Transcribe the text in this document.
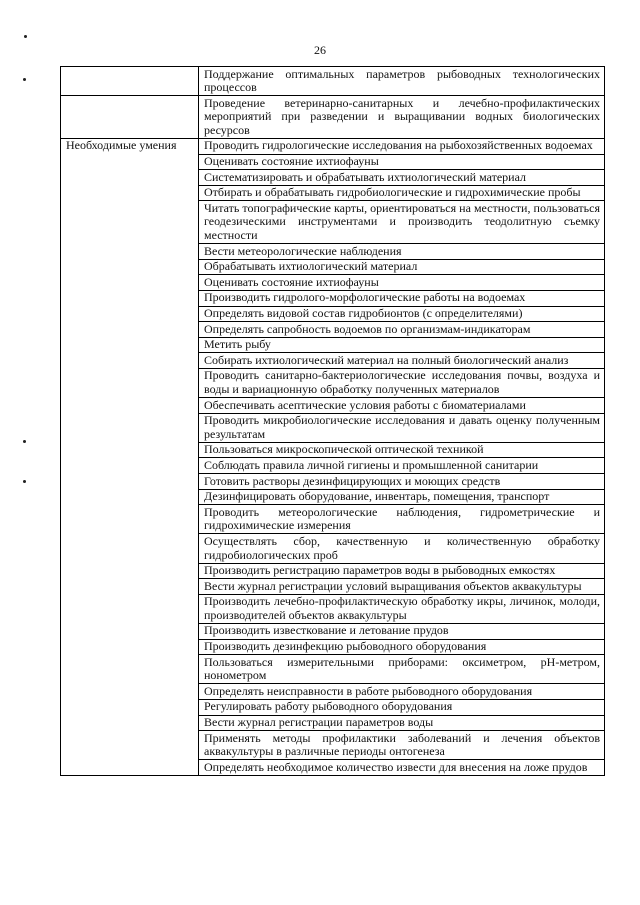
26
	Поддержание оптимальных параметров рыбоводных технологических процессов
	Проведение ветеринарно-санитарных и лечебно-профилактических мероприятий при разведении и выращивании водных биологических ресурсов
Необходимые умения	Проводить гидрологические исследования на рыбохозяйственных водоемах
	Оценивать состояние ихтиофауны
	Систематизировать и обрабатывать ихтиологический материал
	Отбирать и обрабатывать гидробиологические и гидрохимические пробы
	Читать топографические карты, ориентироваться на местности, пользоваться геодезическими инструментами и производить теодолитную съемку местности
	Вести метеорологические наблюдения
	Обрабатывать ихтиологический материал
	Оценивать состояние ихтиофауны
	Производить гидролого-морфологические работы на водоемах
	Определять видовой состав гидробионтов (с определителями)
	Определять сапробность водоемов по организмам-индикаторам
	Метить рыбу
	Собирать ихтиологический материал на полный биологический анализ
	Проводить санитарно-бактериологические исследования почвы, воздуха и воды и вариационную обработку полученных материалов
	Обеспечивать асептические условия работы с биоматериалами
	Проводить микробиологические исследования и давать оценку полученным результатам
	Пользоваться микроскопической оптической техникой
	Соблюдать правила личной гигиены и промышленной санитарии
	Готовить растворы дезинфицирующих и моющих средств
	Дезинфицировать оборудование, инвентарь, помещения, транспорт
	Проводить метеорологические наблюдения, гидрометрические и гидрохимические измерения
	Осуществлять сбор, качественную и количественную обработку гидробиологических проб
	Производить регистрацию параметров воды в рыбоводных емкостях
	Вести журнал регистрации условий выращивания объектов аквакультуры
	Производить лечебно-профилактическую обработку икры, личинок, молоди, производителей объектов аквакультуры
	Производить известкование и летование прудов
	Производить дезинфекцию рыбоводного оборудования
	Пользоваться измерительными приборами: оксиметром, pH-метром, нонометром
	Определять неисправности в работе рыбоводного оборудования
	Регулировать работу рыбоводного оборудования
	Вести журнал регистрации параметров воды
	Применять методы профилактики заболеваний и лечения объектов аквакультуры в различные периоды онтогенеза
	Определять необходимое количество извести для внесения на ложе прудов
